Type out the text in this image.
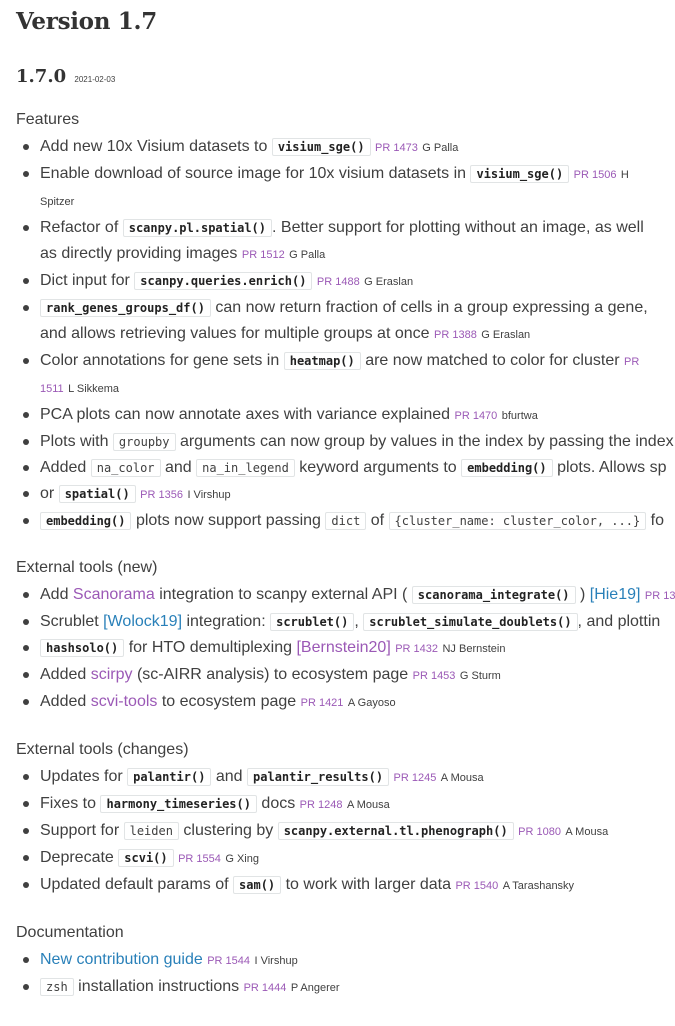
Version 1.7
1.7.0 2021-02-03
Features
Add new 10x Visium datasets to visium_sge() PR 1473 G Palla
Enable download of source image for 10x visium datasets in visium_sge() PR 1506 H Spitzer
Refactor of scanpy.pl.spatial() . Better support for plotting without an image, as well as directly providing images PR 1512 G Palla
Dict input for scanpy.queries.enrich() PR 1488 G Eraslan
rank_genes_groups_df() can now return fraction of cells in a group expressing a gene, and allows retrieving values for multiple groups at once PR 1388 G Eraslan
Color annotations for gene sets in heatmap() are now matched to color for cluster PR 1511 L Sikkema
PCA plots can now annotate axes with variance explained PR 1470 bfurtwa
Plots with groupby arguments can now group by values in the index by passing the index
Added na_color and na_in_legend keyword arguments to embedding() plots. Allows sp
or spatial() PR 1356 I Virshup
embedding() plots now support passing dict of {cluster_name: cluster_color, ...} fo
External tools (new)
Add Scanorama integration to scanpy external API ( scanorama_integrate() ) [Hie19] PR 13
Scrublet [Wolock19] integration: scrublet() , scrublet_simulate_doublets() , and plottin
hashsolo() for HTO demultiplexing [Bernstein20] PR 1432 NJ Bernstein
Added scirpy (sc-AIRR analysis) to ecosystem page PR 1453 G Sturm
Added scvi-tools to ecosystem page PR 1421 A Gayoso
External tools (changes)
Updates for palantir() and palantir_results() PR 1245 A Mousa
Fixes to harmony_timeseries() docs PR 1248 A Mousa
Support for leiden clustering by scanpy.external.tl.phenograph() PR 1080 A Mousa
Deprecate scvi() PR 1554 G Xing
Updated default params of sam() to work with larger data PR 1540 A Tarashansky
Documentation
New contribution guide PR 1544 I Virshup
zsh installation instructions PR 1444 P Angerer
